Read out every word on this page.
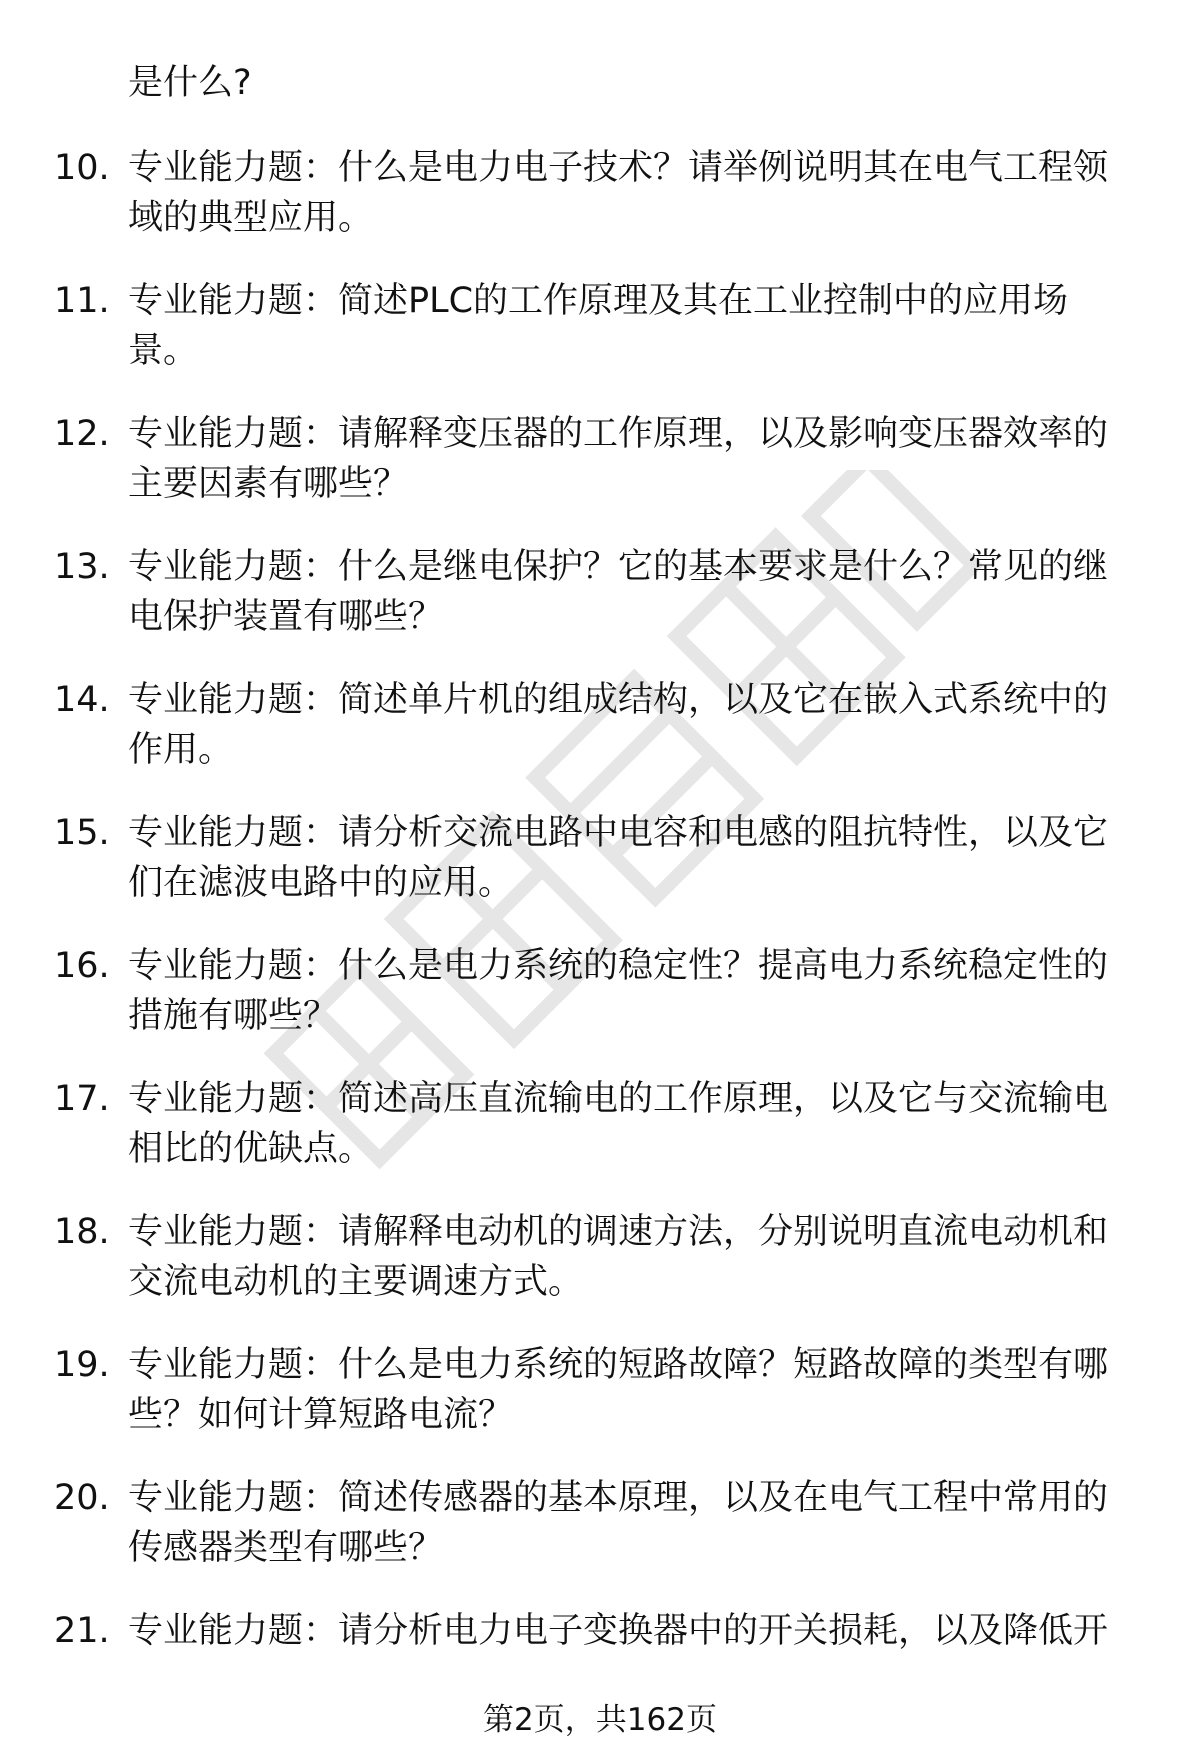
是什么?

10. 专业能力题：什么是电力电子技术？请举例说明其在电气工程领域的典型应用。
11. 专业能力题：简述PLC的工作原理及其在工业控制中的应用场景。
12. 专业能力题：请解释变压器的工作原理，以及影响变压器效率的主要因素有哪些？
13. 专业能力题：什么是继电保护？它的基本要求是什么？常见的继电保护装置有哪些？
14. 专业能力题：简述单片机的组成结构，以及它在嵌入式系统中的作用。
15. 专业能力题：请分析交流电路中电容和电感的阻抗特性，以及它们在滤波电路中的应用。
16. 专业能力题：什么是电力系统的稳定性？提高电力系统稳定性的措施有哪些？
17. 专业能力题：简述高压直流输电的工作原理，以及它与交流输电相比的优缺点。
18. 专业能力题：请解释电动机的调速方法，分别说明直流电动机和交流电动机的主要调速方式。
19. 专业能力题：什么是电力系统的短路故障？短路故障的类型有哪些？如何计算短路电流？
20. 专业能力题：简述传感器的基本原理，以及在电气工程中常用的传感器类型有哪些？
21. 专业能力题：请分析电力电子变换器中的开关损耗，以及降低开
第2页，共162页
